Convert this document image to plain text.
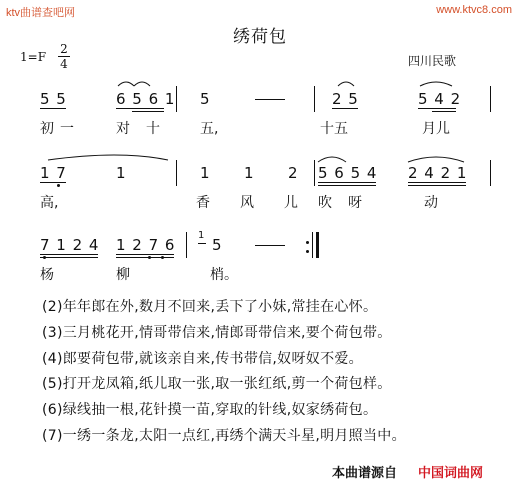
ktv曲谱查吧网	www.ktvc8.com
绣荷包
1=F
2
4	四川民歌
5 5	6 5 6 1 5	2 5	5 4 2
初 一	对 十	五,	十五	月儿
1 7	1	1 1 2 5 6 5 4 2 4 2 1
高,	香 风 儿 吹 呀	动
7 1 2 4 1 2 7 6
1
5
杨	柳	梢。
(2)年年郎在外,数月不回来,丢下了小妹,常挂在心怀。
(3)三月桃花开,情哥带信来,情郎哥带信来,要个荷包带。
(4)郎要荷包带,就该亲自来,传书带信,奴呀奴不爱。
(5)打开龙凤箱,纸儿取一张,取一张红纸,剪一个荷包样。
(6)绿线抽一根,花针摸一苗,穿取的针线,奴家绣荷包。
(7)一绣一条龙,太阳一点红,再绣个满天斗星,明月照当中。
本曲谱源自 中国词曲网
